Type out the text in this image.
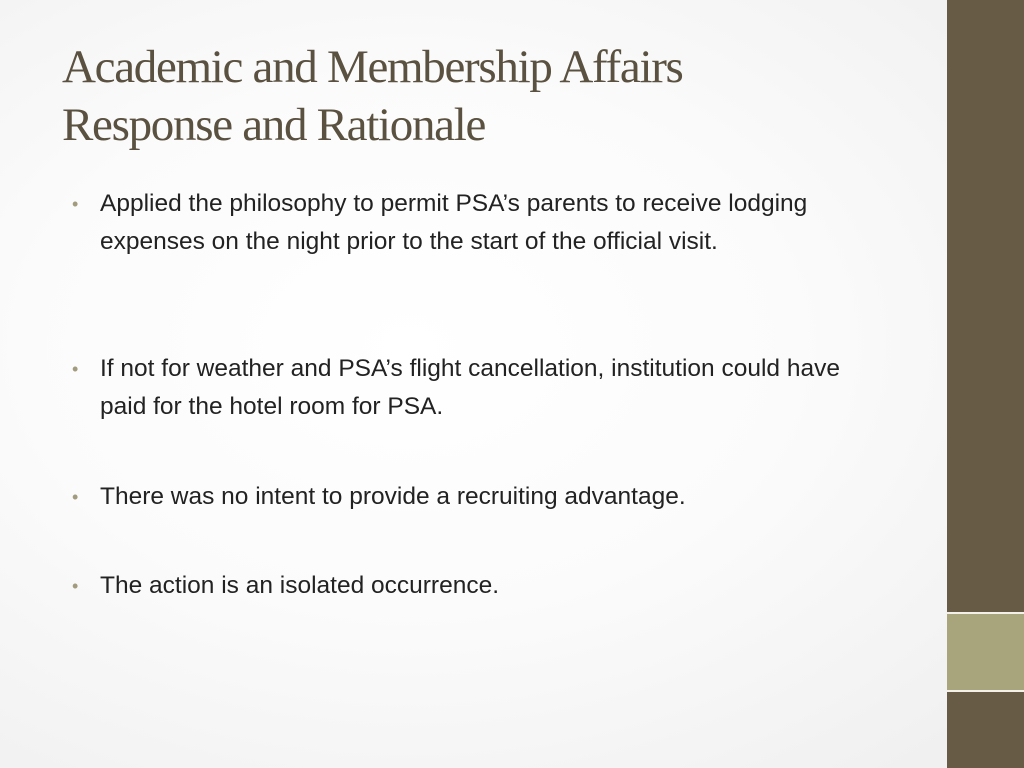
Academic and Membership Affairs
Response and Rationale
• Applied the philosophy to permit PSA’s parents to receive lodging expenses on the night prior to the start of the official visit.
• If not for weather and PSA’s flight cancellation, institution could have paid for the hotel room for PSA.
• There was no intent to provide a recruiting advantage.
• The action is an isolated occurrence.
